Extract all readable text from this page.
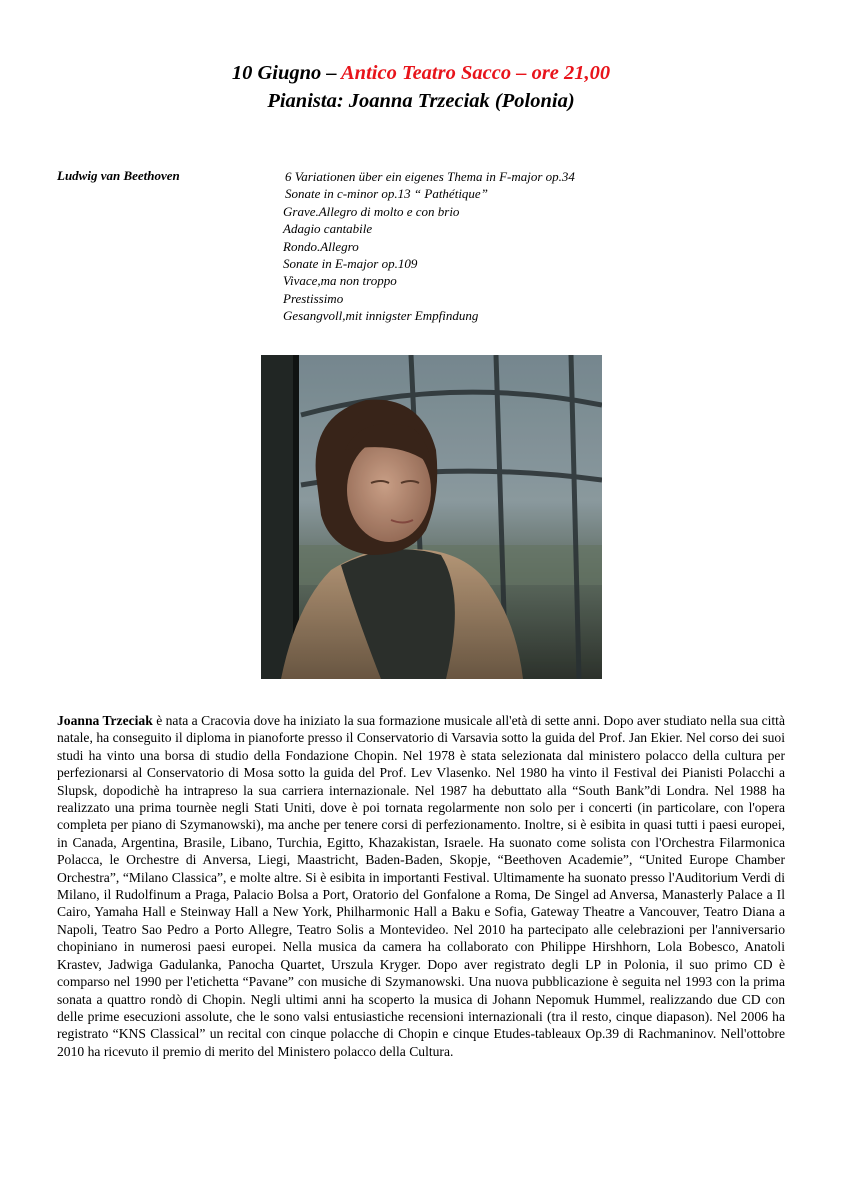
10 Giugno – Antico Teatro Sacco – ore 21,00
Pianista: Joanna Trzeciak (Polonia)
Ludwig van Beethoven	6 Variationen über ein eigenes Thema in F-major op.34
Sonate in c-minor op.13 “ Pathétique”
Grave.Allegro di molto e con brio
Adagio cantabile
Rondo.Allegro
Sonate in E-major op.109
Vivace,ma non troppo
Prestissimo
Gesangvoll,mit innigster Empfindung

Joanna Trzeciak è nata a Cracovia dove ha iniziato la sua formazione musicale all'età di sette anni. Dopo aver studiato nella sua città natale, ha conseguito il diploma in pianoforte presso il Conservatorio di Varsavia sotto la guida del Prof. Jan Ekier. Nel corso dei suoi studi ha vinto una borsa di studio della Fondazione Chopin. Nel 1978 è stata selezionata dal ministero polacco della cultura per perfezionarsi al Conservatorio di Mosa sotto la guida del Prof. Lev Vlasenko. Nel 1980 ha vinto il Festival dei Pianisti Polacchi a Slupsk, dopodichè ha intrapreso la sua carriera internazionale. Nel 1987 ha debuttato alla “South Bank”di Londra. Nel 1988 ha realizzato una prima tournèe negli Stati Uniti, dove è poi tornata regolarmente non solo per i concerti (in particolare, con l'opera completa per piano di Szymanowski), ma anche per tenere corsi di perfezionamento. Inoltre, si è esibita in quasi tutti i paesi europei, in Canada, Argentina, Brasile, Libano, Turchia, Egitto, Khazakistan, Israele. Ha suonato come solista con l'Orchestra Filarmonica Polacca, le Orchestre di Anversa, Liegi, Maastricht, Baden-Baden, Skopje, “Beethoven Academie”, “United Europe Chamber Orchestra”, “Milano Classica”, e molte altre. Si è esibita in importanti Festival. Ultimamente ha suonato presso l'Auditorium Verdi di Milano, il Rudolfinum a Praga, Palacio Bolsa a Port, Oratorio del Gonfalone a Roma, De Singel ad Anversa, Manasterly Palace a Il Cairo, Yamaha Hall e Steinway Hall a New York, Philharmonic Hall a Baku e Sofia, Gateway Theatre a Vancouver, Teatro Diana a Napoli, Teatro Sao Pedro a Porto Allegre, Teatro Solis a Montevideo. Nel 2010 ha partecipato alle celebrazioni per l'anniversario chopiniano in numerosi paesi europei. Nella musica da camera ha collaborato con Philippe Hirshhorn, Lola Bobesco, Anatoli Krastev, Jadwiga Gadulanka, Panocha Quartet, Urszula Kryger. Dopo aver registrato degli LP in Polonia, il suo primo CD è comparso nel 1990 per l'etichetta “Pavane” con musiche di Szymanowski. Una nuova pubblicazione è seguita nel 1993 con la prima sonata a quattro rondò di Chopin. Negli ultimi anni ha scoperto la musica di Johann Nepomuk Hummel, realizzando due CD con delle prime esecuzioni assolute, che le sono valsi entusiastiche recensioni internazionali (tra il resto, cinque diapason). Nel 2006 ha registrato “KNS Classical” un recital con cinque polacche di Chopin e cinque Etudes-tableaux Op.39 di Rachmaninov. Nell'ottobre 2010 ha ricevuto il premio di merito del Ministero polacco della Cultura.
